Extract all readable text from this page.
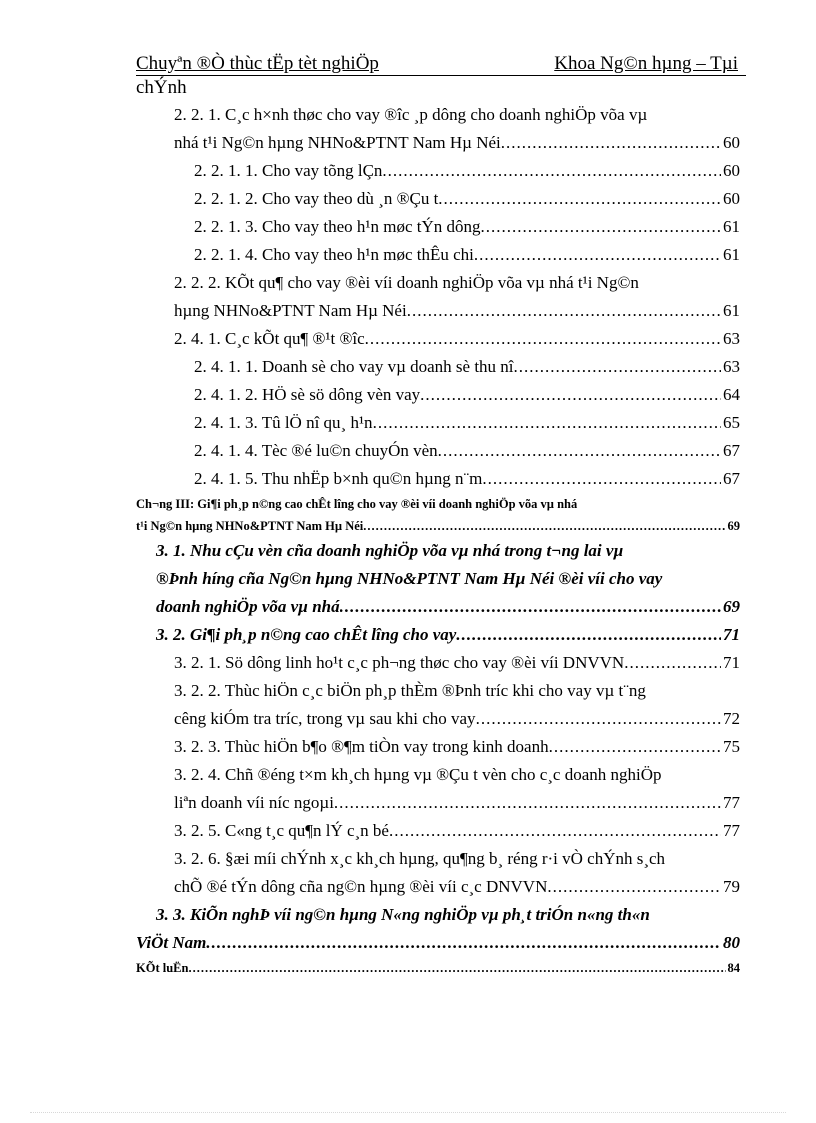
Chuyªn ®Ò thùc tËp tèt nghiÖp	Khoa Ng©n hµng – Tµi
chÝnh
2. 2. 1. C¸c h×nh thøc cho vay ®îc ¸p dông cho doanh nghiÖp võa vµ
nhá t¹i Ng©n hµng NHNo&PTNT Nam Hµ Néi .....	60
2. 2. 1. 1. Cho vay tõng lÇn .....	60
2. 2. 1. 2. Cho vay theo dù ¸n ®Çu t .....	60
2. 2. 1. 3. Cho vay theo h¹n møc tÝn dông .....	61
2. 2. 1. 4. Cho vay theo h¹n møc thÊu chi .....	61
2. 2. 2. KÕt qu¶ cho vay ®èi víi doanh nghiÖp võa vµ nhá t¹i Ng©n
hµng NHNo&PTNT Nam Hµ Néi .....	61
2. 4. 1. C¸c kÕt qu¶ ®¹t ®îc .....	63
2. 4. 1. 1. Doanh sè cho vay vµ doanh sè thu nî .....	63
2. 4. 1. 2. HÖ sè sö dông vèn vay .....	64
2. 4. 1. 3. Tû lÖ nî qu¸ h¹n .....	65
2. 4. 1. 4. Tèc ®é lu©n chuyÓn vèn .....	67
2. 4. 1. 5. Thu nhËp b×nh qu©n hµng n¨m .....	67
Ch¬ng III: Gi¶i ph¸p n©ng cao chÊt lîng cho vay ®èi víi doanh nghiÖp võa vµ nhá
t¹i Ng©n hµng NHNo&PTNT Nam Hµ Néi .....	69
3. 1. Nhu cÇu vèn cña doanh nghiÖp võa vµ nhá trong t¬ng lai vµ
®Þnh híng cña Ng©n hµng NHNo&PTNT Nam Hµ Néi ®èi víi cho vay
doanh nghiÖp võa vµ nhá .....	69
3. 2. Gi¶i ph¸p n©ng cao chÊt lîng cho vay .....	71
3. 2. 1. Sö dông linh ho¹t c¸c ph¬ng thøc cho vay ®èi víi DNVVN .....	71
3. 2. 2. Thùc hiÖn c¸c biÖn ph¸p thÈm ®Þnh tríc khi cho vay vµ t¨ng
cêng kiÓm tra tríc, trong vµ sau khi cho vay .....	72
3. 2. 3. Thùc hiÖn b¶o ®¶m tiÒn vay trong kinh doanh .....	75
3. 2. 4. Chñ ®éng t×m kh¸ch hµng vµ ®Çu t vèn cho c¸c doanh nghiÖp
liªn doanh víi níc ngoµi .....	77
3. 2. 5. C«ng t¸c qu¶n lÝ c¸n bé .....	77
3. 2. 6. §æi míi chÝnh x¸c kh¸ch hµng, qu¶ng b¸ réng r·i vÒ chÝnh s¸ch
chÕ ®é tÝn dông cña ng©n hµng ®èi víi c¸c DNVVN .....	79
3. 3. KiÕn nghÞ víi ng©n hµng N«ng nghiÖp vµ ph¸t triÓn n«ng th«n
ViÖt Nam .....	80
KÕt luËn .....	84
